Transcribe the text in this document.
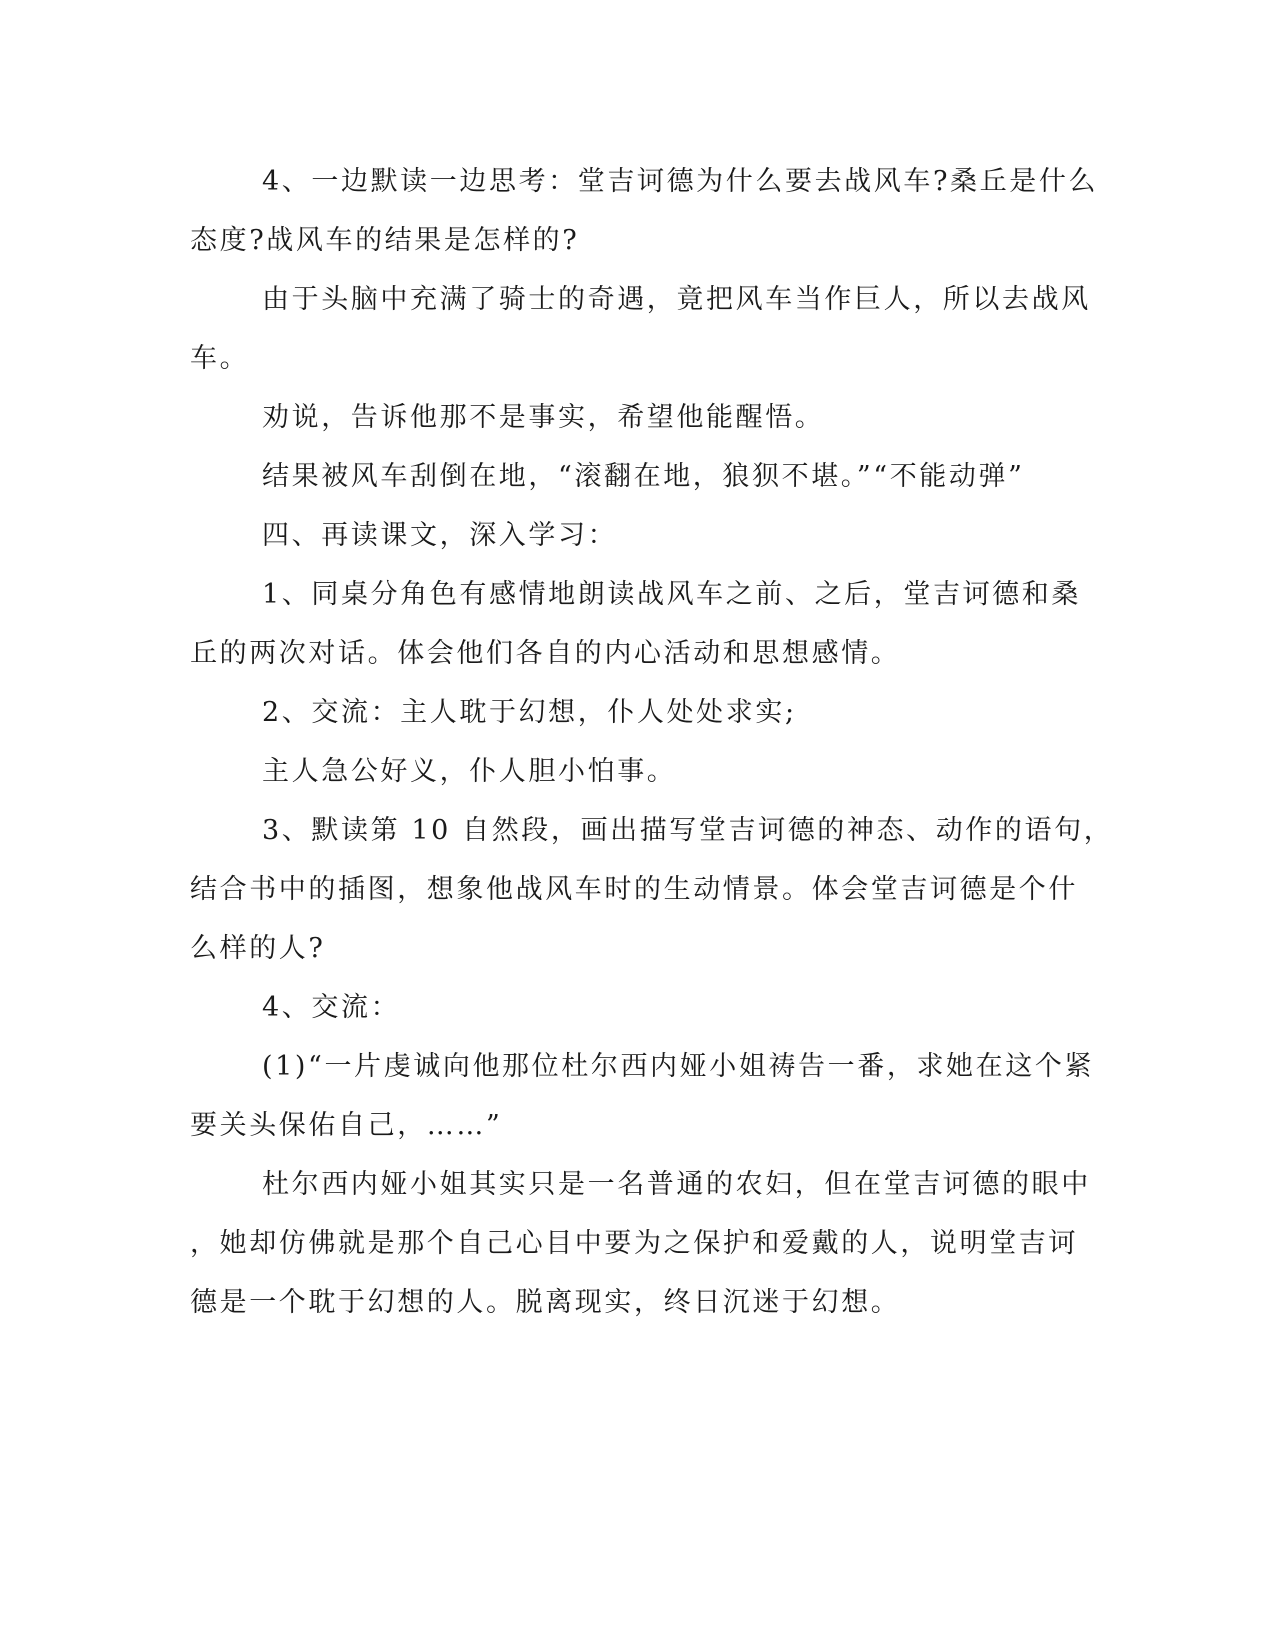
4、一边默读一边思考：堂吉诃德为什么要去战风车?桑丘是什么
态度?战风车的结果是怎样的?
由于头脑中充满了骑士的奇遇，竟把风车当作巨人，所以去战风
车。
劝说，告诉他那不是事实，希望他能醒悟。
结果被风车刮倒在地，“滚翻在地，狼狈不堪。”“不能动弹”
四、再读课文，深入学习：
1、同桌分角色有感情地朗读战风车之前、之后，堂吉诃德和桑
丘的两次对话。体会他们各自的内心活动和思想感情。
2、交流：主人耽于幻想，仆人处处求实;
主人急公好义，仆人胆小怕事。
3、默读第 10 自然段，画出描写堂吉诃德的神态、动作的语句，
结合书中的插图，想象他战风车时的生动情景。体会堂吉诃德是个什
么样的人?
4、交流：
(1)“一片虔诚向他那位杜尔西内娅小姐祷告一番，求她在这个紧
要关头保佑自己，……”
杜尔西内娅小姐其实只是一名普通的农妇，但在堂吉诃德的眼中
，她却仿佛就是那个自己心目中要为之保护和爱戴的人，说明堂吉诃
德是一个耽于幻想的人。脱离现实，终日沉迷于幻想。
